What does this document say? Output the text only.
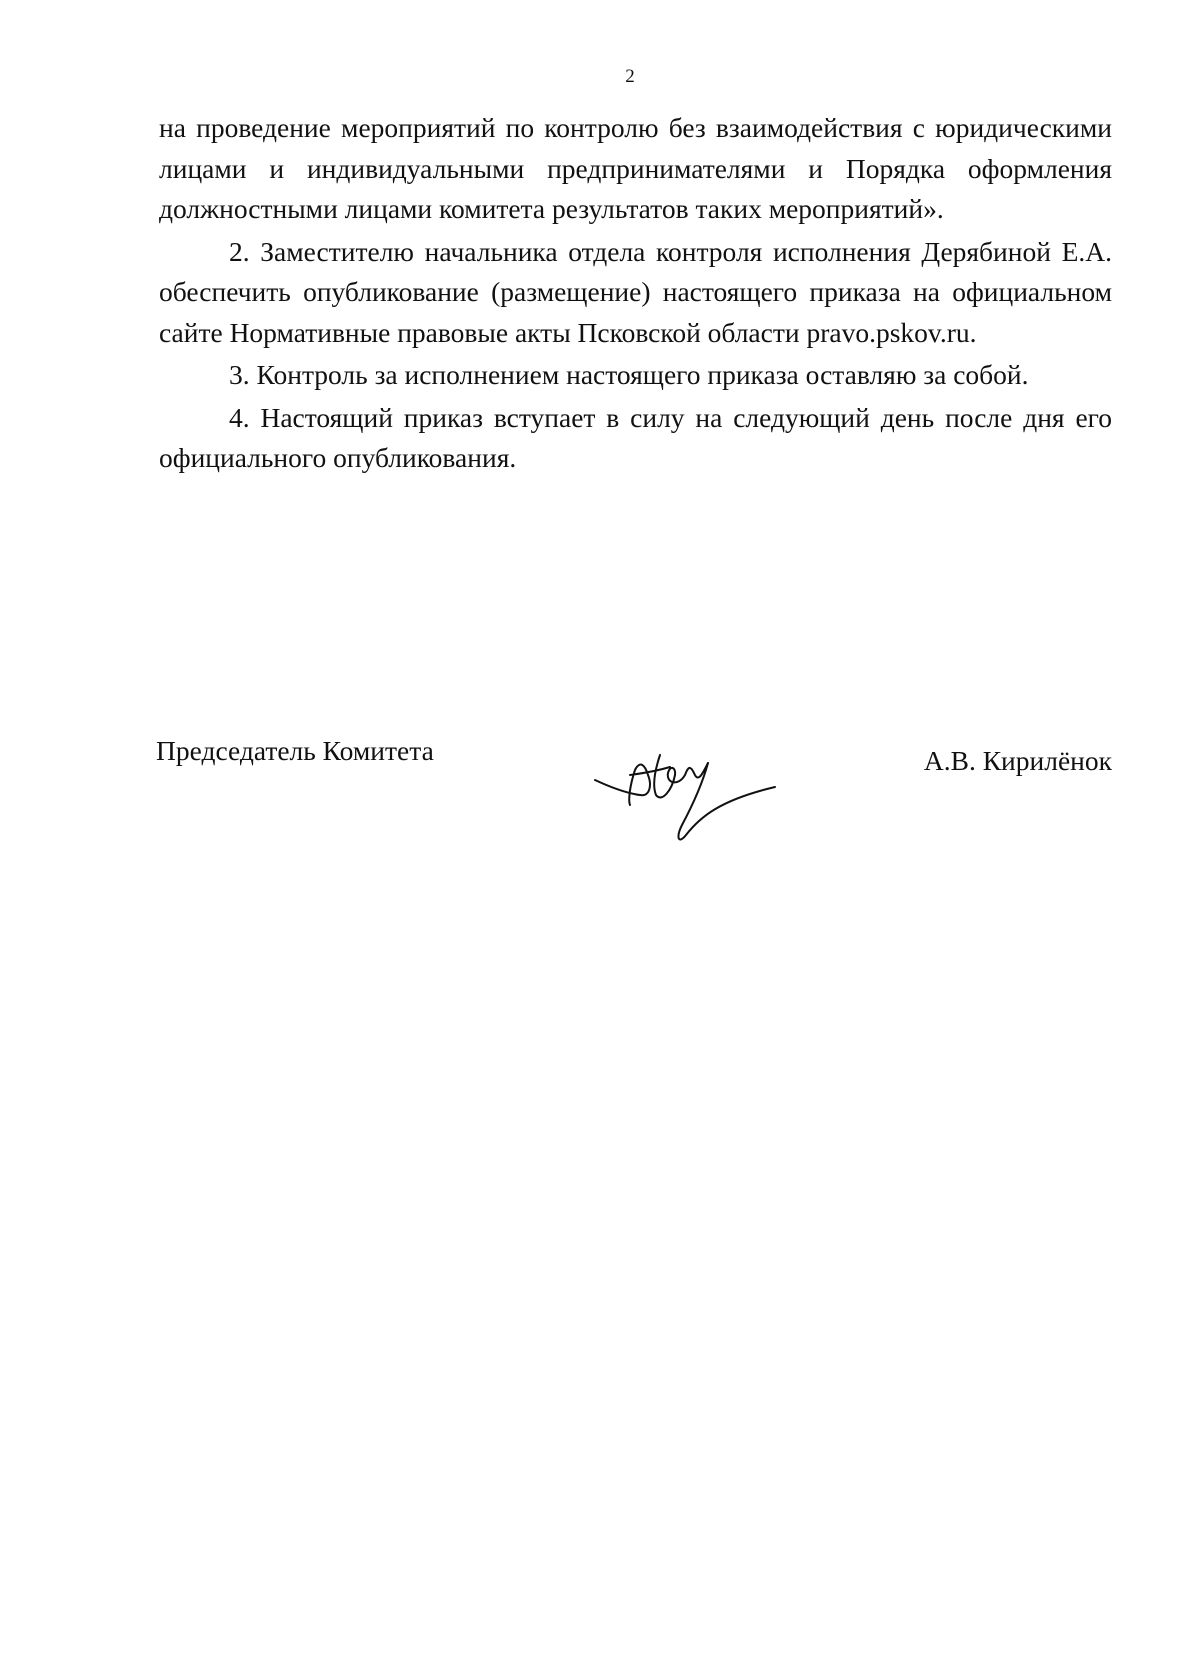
2

на проведение мероприятий по контролю без взаимодействия с юридическими лицами и индивидуальными предпринимателями и Порядка оформления должностными лицами комитета результатов таких мероприятий».

2. Заместителю начальника отдела контроля исполнения Дерябиной Е.А. обеспечить опубликование (размещение) настоящего приказа на официальном сайте Нормативные правовые акты Псковской области pravo.pskov.ru.

3. Контроль за исполнением настоящего приказа оставляю за собой.

4. Настоящий приказ вступает в силу на следующий день после дня его официального опубликования.

Председатель Комитета	А.В. Кирилёнок
